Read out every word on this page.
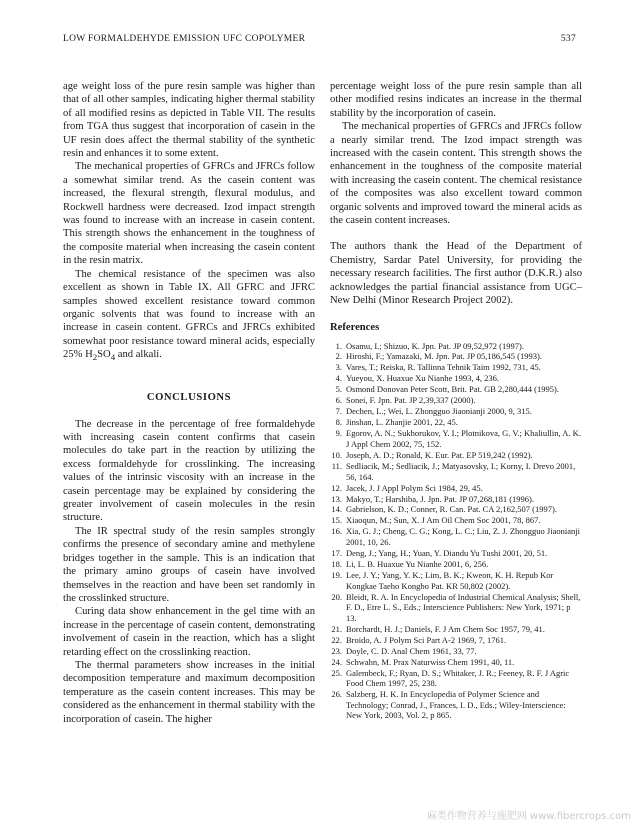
LOW FORMALDEHYDE EMISSION UFC COPOLYMER	537

age weight loss of the pure resin sample was higher than that of all other samples, indicating higher thermal stability of all modified resins as depicted in Table VII. The results from TGA thus suggest that incorporation of casein in the UF resin does affect the thermal stability of the synthetic resin and enhances it to some extent.

The mechanical properties of GFRCs and JFRCs follow a somewhat similar trend. As the casein content was increased, the flexural strength, flexural modulus, and Rockwell hardness were decreased. Izod impact strength was found to increase with an increase in casein content. This strength shows the enhancement in the toughness of the composite material when increasing the casein content in the resin matrix.

The chemical resistance of the specimen was also excellent as shown in Table IX. All GFRC and JFRC samples showed excellent resistance toward common organic solvents that was found to increase with an increase in casein content. GFRCs and JFRCs exhibited somewhat poor resistance toward mineral acids, especially 25% $H_2SO_4$ and alkali.

CONCLUSIONS

The decrease in the percentage of free formaldehyde with increasing casein content confirms that casein molecules do take part in the reaction by utilizing the excess formaldehyde for crosslinking. The increasing values of the intrinsic viscosity with an increase in the casein percentage may be explained by considering the greater involvement of casein molecules in the resin structure.

The IR spectral study of the resin samples strongly confirms the presence of secondary amine and methylene bridges together in the sample. This is an indication that the primary amino groups of casein have involved themselves in the reaction and have been set randomly in the crosslinked structure.

Curing data show enhancement in the gel time with an increase in the percentage of casein content, demonstrating involvement of casein in the reaction, which has a slight retarding effect on the crosslinking reaction.

The thermal parameters show increases in the initial decomposition temperature and maximum decomposition temperature as the casein content increases. This may be considered as the enhancement in thermal stability with the incorporation of casein. The higher

percentage weight loss of the pure resin sample than all other modified resins indicates an increase in the thermal stability by the incorporation of casein.

The mechanical properties of GFRCs and JFRCs follow a nearly similar trend. The Izod impact strength was increased with the casein content. This strength shows the enhancement in the toughness of the composite material with increasing the casein content. The chemical resistance of the composites was also excellent toward common organic solvents and improved toward the mineral acids as the casein content increases.

The authors thank the Head of the Department of Chemistry, Sardar Patel University, for providing the necessary research facilities. The first author (D.K.R.) also acknowledges the partial financial assistance from UGC–New Delhi (Minor Research Project 2002).

References
1. Osamu, I.; Shizuo, K. Jpn. Pat. JP 09,52,972 (1997).
2. Hiroshi, F.; Yamazaki, M. Jpn. Pat. JP 05,186,545 (1993).
3. Vares, T.; Reiska, R. Tallinna Tehnik Taim 1992, 731, 45.
4. Yueyou, X. Huaxue Xu Nianhe 1993, 4, 236.
5. Osmond Donovan Peter Scott, Brit. Pat. GB 2,280,444 (1995).
6. Sonei, F. Jpn. Pat. JP 2,39,337 (2000).
7. Dechen, L.; Wei, L. Zhongguo Jiaonianji 2000, 9, 315.
8. Jinshan, L. Zhanjie 2001, 22, 45.
9. Egorov, A. N.; Sukhorukov, Y. I.; Plotnikova, G. V.; Khaliullin, A. K. J Appl Chem 2002, 75, 152.
10. Joseph, A. D.; Ronald, K. Eur. Pat. EP 519,242 (1992).
11. Sedliacik, M.; Sedliacik, J.; Matyasovsky, I.; Korny, I. Drevo 2001, 56, 164.
12. Jacek, J. J Appl Polym Sci 1984, 29, 45.
13. Makyo, T.; Harshiba, J. Jpn. Pat. JP 07,268,181 (1996).
14. Gabrielson, K. D.; Conner, R. Can. Pat. CA 2,162,507 (1997).
15. Xiaoqun, M.; Sun, X. J Am Oil Chem Soc 2001, 78, 867.
16. Xia, G. J.; Cheng, C. G.; Kong, L. C.; Liu, Z. J. Zhongguo Jiaonianji 2001, 10, 26.
17. Deng, J.; Yang, H.; Yuan, Y. Diandu Yu Tushi 2001, 20, 51.
18. Li, L. B. Huaxue Yu Nianhe 2001, 6, 256.
19. Lee, J. Y.; Yang, Y. K.; Lim, B. K.; Kweon, K. H. Repub Kor Kongkae Taeho Kongbo Pat. KR 50,802 (2002).
20. Bleidt, R. A. In Encyclopedia of Industrial Chemical Analysis; Shell, F. D., Etre L. S., Eds.; Interscience Publishers: New York, 1971; p 13.
21. Borchardt, H. J.; Daniels, F. J Am Chem Soc 1957, 79, 41.
22. Broido, A. J Polym Sci Part A-2 1969, 7, 1761.
23. Doyle, C. D. Anal Chem 1961, 33, 77.
24. Schwahn, M. Prax Naturwiss Chem 1991, 40, 11.
25. Galembeck, F.; Ryan, D. S.; Whitaker, J. R.; Feeney, R. F. J Agric Food Chem 1997, 25, 238.
26. Salzberg, H. K. In Encyclopedia of Polymer Science and Technology; Conrad, J., Frances, I. D., Eds.; Wiley-Interscience: New York, 2003, Vol. 2, p 865.
麻类作物营养与施肥网 www.fibercrops.com
